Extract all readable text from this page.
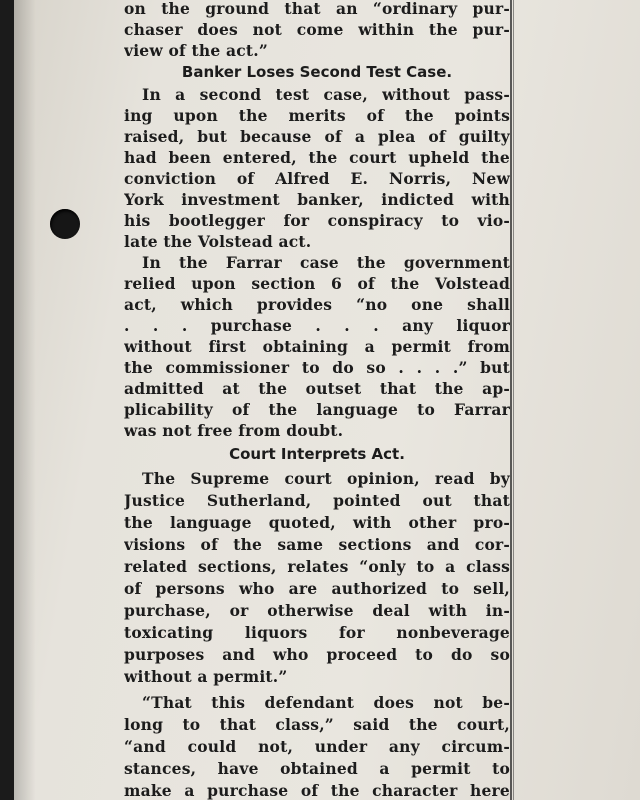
on the ground that an “ordinary pur-
chaser does not come within the pur-
view of the act.”
Banker Loses Second Test Case.
In a second test case, without pass-
ing upon the merits of the points
raised, but because of a plea of guilty
had been entered, the court upheld the
conviction of Alfred E. Norris, New
York investment banker, indicted with
his bootlegger for conspiracy to vio-
late the Volstead act.
In the Farrar case the government
relied upon section 6 of the Volstead
act, which provides “no one shall
. . . purchase . . . any liquor
without first obtaining a permit from
the commissioner to do so . . . .” but
admitted at the outset that the ap-
plicability of the language to Farrar
was not free from doubt.
Court Interprets Act.
The Supreme court opinion, read by
Justice Sutherland, pointed out that
the language quoted, with other pro-
visions of the same sections and cor-
related sections, relates “only to a class
of persons who are authorized to sell,
purchase, or otherwise deal with in-
toxicating liquors for nonbeverage
purposes and who proceed to do so
without a permit.”
“That this defendant does not be-
long to that class,” said the court,
“and could not, under any circum-
stances, have obtained a permit to
make a purchase of the character here
